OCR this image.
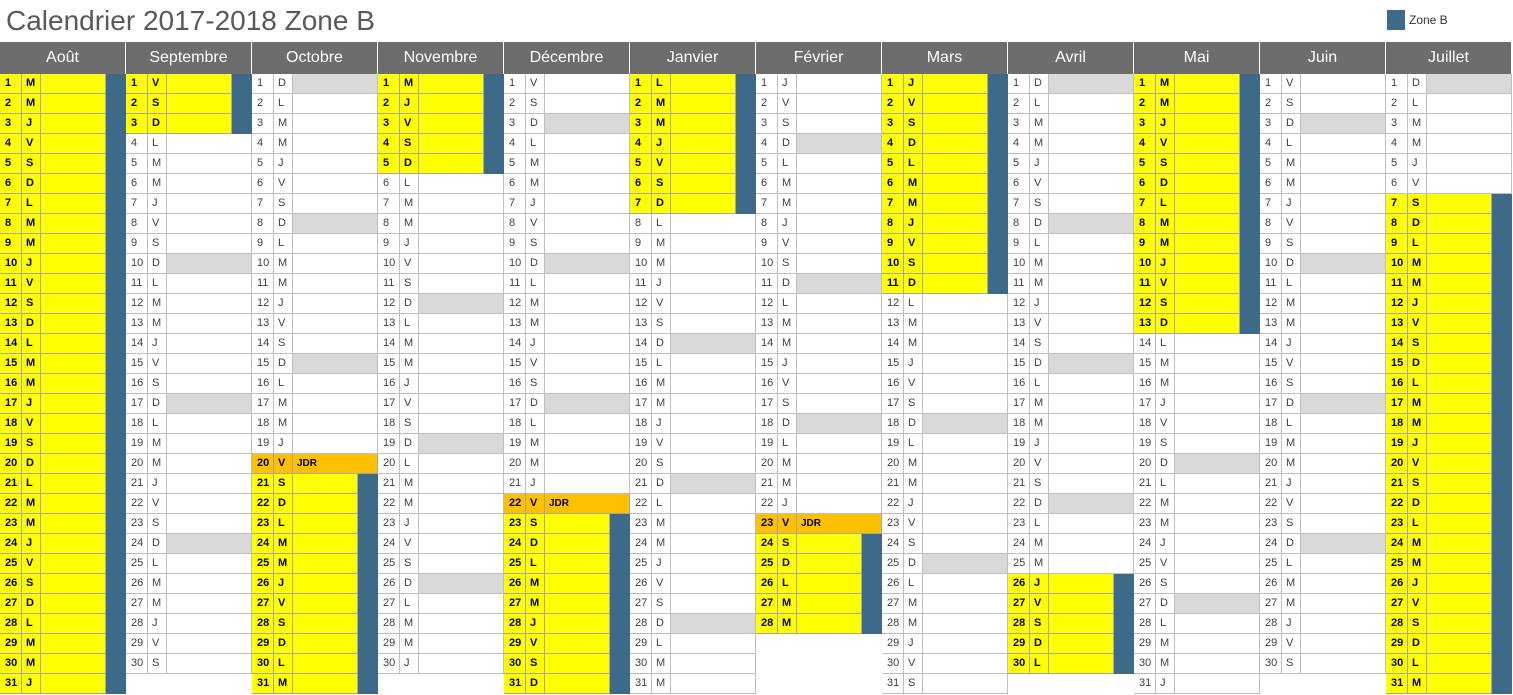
Calendrier 2017-2018 Zone B	Zone B
Août
1	M
2	M
3	J
4	V
5	S
6	D
7	L
8	M
9	M
10 J
11 V
12 S
13 D
14 L
15 M
16 M
17 J
18 V
19 S
20 D
21 L
22 M
23 M
24 J
25 V
26 S
27 D
28 L
29 M
30 M
31 J
Septembre
1	V
2	S
3	D
4	L
5	M
6	M
7	J
8	V
9	S
10 D
11 L
12 M
13 M
14 J
15 V
16 S
17 D
18 L
19 M
20 M
21 J
22 V
23 S
24 D
25 L
26 M
27 M
28 J
29 V
30 S
Octobre
1	D
2	L
3	M
4	M
5	J
6	V
7	S
8	D
9	L
10 M
11 M
12 J
13 V
14 S
15 D
16 L
17 M
18 M
19 J
20 V	JDR
21 S
22 D
23 L
24 M
25 M
26 J
27 V
28 S
29 D
30 L
31 M
Novembre
1	M
2	J
3	V
4	S
5	D
6	L
7	M
8	M
9	J
10 V
11 S
12 D
13 L
14 M
15 M
16 J
17 V
18 S
19 D
20 L
21 M
22 M
23 J
24 V
25 S
26 D
27 L
28 M
29 M
30 J
Décembre
1	V
2	S
3	D
4	L
5	M
6	M
7	J
8	V
9	S
10 D
11 L
12 M
13 M
14 J
15 V
16 S
17 D
18 L
19 M
20 M
21 J
22 V	JDR
23 S
24 D
25 L
26 M
27 M
28 J
29 V
30 S
31 D
Janvier
1	L
2	M
3	M
4	J
5	V
6	S
7	D
8	L
9	M
10 M
11 J
12 V
13 S
14 D
15 L
16 M
17 M
18 J
19 V
20 S
21 D
22 L
23 M
24 M
25 J
26 V
27 S
28 D
29 L
30 M
31 M
Février
1	J
2	V
3	S
4	D
5	L
6	M
7	M
8	J
9	V
10 S
11 D
12 L
13 M
14 M
15 J
16 V
17 S
18 D
19 L
20 M
21 M
22 J
23 V	JDR
24 S
25 D
26 L
27 M
28 M
Mars
1	J
2	V
3	S
4	D
5	L
6	M
7	M
8	J
9	V
10 S
11 D
12 L
13 M
14 M
15 J
16 V
17 S
18 D
19 L
20 M
21 M
22 J
23 V
24 S
25 D
26 L
27 M
28 M
29 J
30 V
31 S
Avril
1	D
2	L
3	M
4	M
5	J
6	V
7	S
8	D
9	L
10 M
11 M
12 J
13 V
14 S
15 D
16 L
17 M
18 M
19 J
20 V
21 S
22 D
23 L
24 M
25 M
26 J
27 V
28 S
29 D
30 L
Mai
1	M
2	M
3	J
4	V
5	S
6	D
7	L
8	M
9	M
10 J
11 V
12 S
13 D
14 L
15 M
16 M
17 J
18 V
19 S
20 D
21 L
22 M
23 M
24 J
25 V
26 S
27 D
28 L
29 M
30 M
31 J
Juin
1	V
2	S
3	D
4	L
5	M
6	M
7	J
8	V
9	S
10 D
11 L
12 M
13 M
14 J
15 V
16 S
17 D
18 L
19 M
20 M
21 J
22 V
23 S
24 D
25 L
26 M
27 M
28 J
29 V
30 S
Juillet
1	D
2	L
3	M
4	M
5	J
6	V
7	S
8	D
9	L
10 M
11 M
12 J
13 V
14 S
15 D
16 L
17 M
18 M
19 J
20 V
21 S
22 D
23 L
24 M
25 M
26 J
27 V
28 S
29 D
30 L
31 M
